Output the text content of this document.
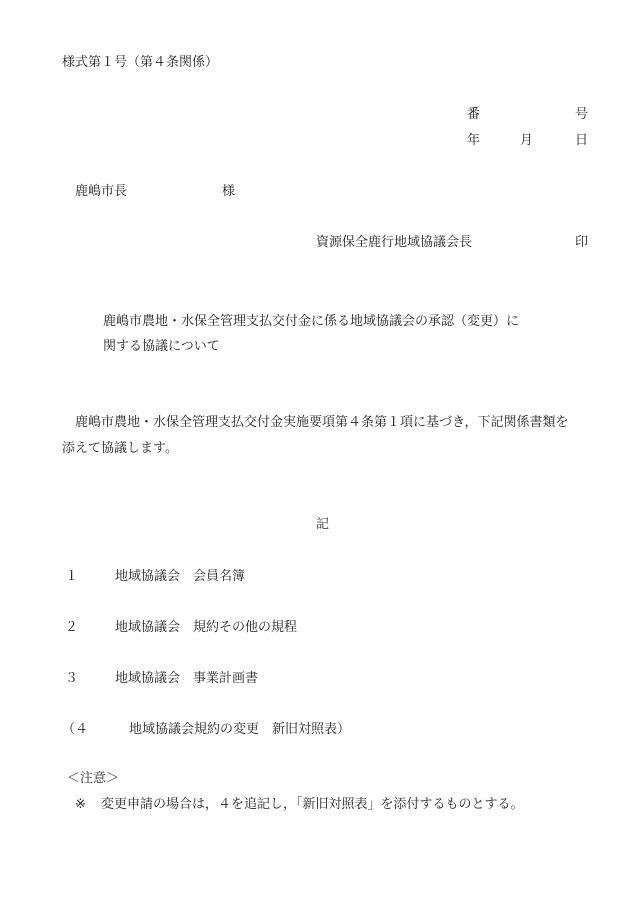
様式第１号（第４条関係）
番	号
年	月	日
鹿嶋市長	様
資源保全鹿行地域協議会長	印
鹿嶋市農地・水保全管理支払交付金に係る地域協議会の承認（変更）に
関する協議について
鹿嶋市農地・水保全管理支払交付金実施要項第４条第１項に基づき，下記関係書類を
添えて協議します。
記
１	地域協議会　会員名簿
２	地域協議会　規約その他の規程
３	地域協議会　事業計画書
（４	地域協議会規約の変更　新旧対照表）
＜注意＞
※ 変更申請の場合は，４を追記し，「新旧対照表」を添付するものとする。
